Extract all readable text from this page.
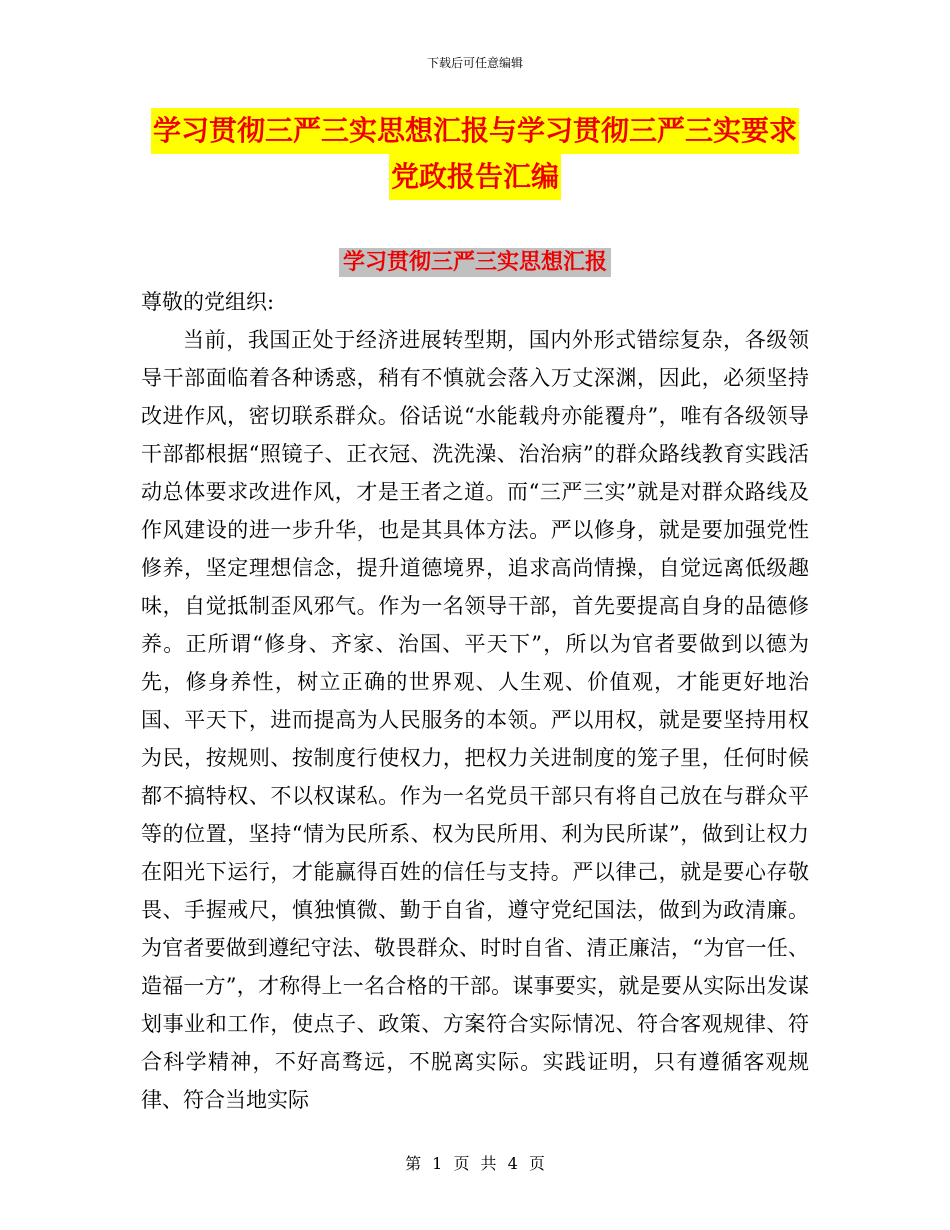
下载后可任意编辑
学习贯彻三严三实思想汇报与学习贯彻三严三实要求
党政报告汇编
学习贯彻三严三实思想汇报

尊敬的党组织:

当前，我国正处于经济进展转型期，国内外形式错综复杂，各级领导干部面临着各种诱惑，稍有不慎就会落入万丈深渊，因此，必须坚持改进作风，密切联系群众。俗话说“水能载舟亦能覆舟”，唯有各级领导干部都根据“照镜子、正衣冠、洗洗澡、治治病”的群众路线教育实践活动总体要求改进作风，才是王者之道。而“三严三实”就是对群众路线及作风建设的进一步升华，也是其具体方法。严以修身，就是要加强党性修养，坚定理想信念，提升道德境界，追求高尚情操，自觉远离低级趣味，自觉抵制歪风邪气。作为一名领导干部，首先要提高自身的品德修养。正所谓“修身、齐家、治国、平天下”，所以为官者要做到以德为先，修身养性，树立正确的世界观、人生观、价值观，才能更好地治国、平天下，进而提高为人民服务的本领。严以用权，就是要坚持用权为民，按规则、按制度行使权力，把权力关进制度的笼子里，任何时候都不搞特权、不以权谋私。作为一名党员干部只有将自己放在与群众平等的位置，坚持“情为民所系、权为民所用、利为民所谋”，做到让权力在阳光下运行，才能赢得百姓的信任与支持。严以律己，就是要心存敬畏、手握戒尺，慎独慎微、勤于自省，遵守党纪国法，做到为政清廉。为官者要做到遵纪守法、敬畏群众、时时自省、清正廉洁，“为官一任、造福一方”，才称得上一名合格的干部。谋事要实，就是要从实际出发谋划事业和工作，使点子、政策、方案符合实际情况、符合客观规律、符合科学精神，不好高骛远，不脱离实际。实践证明，只有遵循客观规律、符合当地实际

第 1 页 共 4 页
